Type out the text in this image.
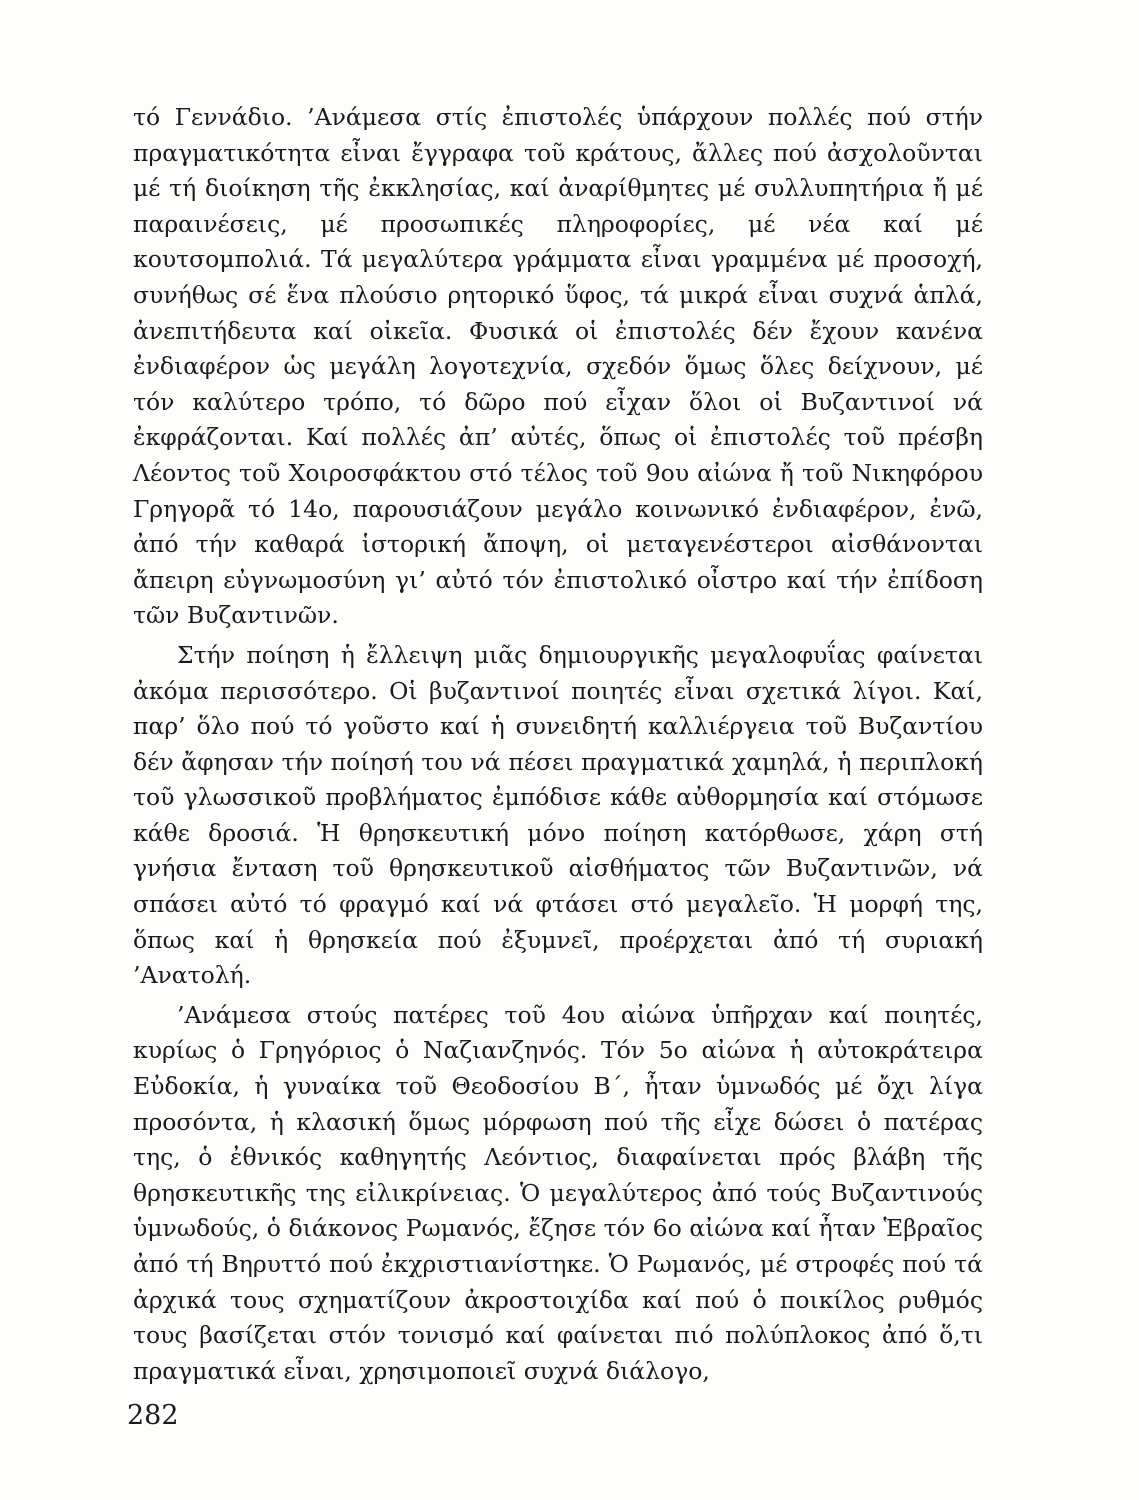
τό Γεννάδιο. ’Ανάμεσα στίς ἐπιστολές ὑπάρχουν πολλές πού στήν πραγματικότητα εἶναι ἔγγραφα τοῦ κράτους, ἄλλες πού ἀσχολοῦνται μέ τή διοίκηση τῆς ἐκκλησίας, καί ἀναρίθμητες μέ συλλυπητήρια ἤ μέ παραινέσεις, μέ προσωπικές πληροφορίες, μέ νέα καί μέ κουτσομπολιά. Τά μεγαλύτερα γράμματα εἶναι γραμμένα μέ προσοχή, συνήθως σέ ἕνα πλούσιο ρητορικό ὕφος, τά μικρά εἶναι συχνά ἁπλά, ἀνεπιτήδευτα καί οἰκεῖα. Φυσικά οἱ ἐπιστολές δέν ἔχουν κανένα ἐνδιαφέρον ὡς μεγάλη λογοτεχνία, σχεδόν ὅμως ὅλες δείχνουν, μέ τόν καλύτερο τρόπο, τό δῶρο πού εἶχαν ὅλοι οἱ Βυζαντινοί νά ἐκφράζονται. Καί πολλές ἀπ’ αὐτές, ὅπως οἱ ἐπιστολές τοῦ πρέσβη Λέοντος τοῦ Χοιροσφάκτου στό τέλος τοῦ 9ου αἰώνα ἤ τοῦ Νικηφόρου Γρηγορᾶ τό 14ο, παρουσιάζουν μεγάλο κοινωνικό ἐνδιαφέρον, ἐνῶ, ἀπό τήν καθαρά ἱστορική ἄποψη, οἱ μεταγενέστεροι αἰσθάνονται ἄπειρη εὐγνωμοσύνη γι’ αὐτό τόν ἐπιστολικό οἶστρο καί τήν ἐπίδοση τῶν Βυζαντινῶν.

Στήν ποίηση ἡ ἔλλειψη μιᾶς δημιουργικῆς μεγαλοφυΐας φαίνεται ἀκόμα περισσότερο. Οἱ βυζαντινοί ποιητές εἶναι σχετικά λίγοι. Καί, παρ’ ὅλο πού τό γοῦστο καί ἡ συνειδητή καλλιέργεια τοῦ Βυζαντίου δέν ἄφησαν τήν ποίησή του νά πέσει πραγματικά χαμηλά, ἡ περιπλοκή τοῦ γλωσσικοῦ προβλήματος ἐμπόδισε κάθε αὐθορμησία καί στόμωσε κάθε δροσιά. Ἡ θρησκευτική μόνο ποίηση κατόρθωσε, χάρη στή γνήσια ἔνταση τοῦ θρησκευτικοῦ αἰσθήματος τῶν Βυζαντινῶν, νά σπάσει αὐτό τό φραγμό καί νά φτάσει στό μεγαλεῖο. Ἡ μορφή της, ὅπως καί ἡ θρησκεία πού ἐξυμνεῖ, προέρχεται ἀπό τή συριακή ’Ανατολή.

’Ανάμεσα στούς πατέρες τοῦ 4ου αἰώνα ὑπῆρχαν καί ποιητές, κυρίως ὁ Γρηγόριος ὁ Ναζιανζηνός. Τόν 5ο αἰώνα ἡ αὐτοκράτειρα Εὐδοκία, ἡ γυναίκα τοῦ Θεοδοσίου Β΄, ἦταν ὑμνωδός μέ ὄχι λίγα προσόντα, ἡ κλασική ὅμως μόρφωση πού τῆς εἶχε δώσει ὁ πατέρας της, ὁ ἐθνικός καθηγητής Λεόντιος, διαφαίνεται πρός βλάβη τῆς θρησκευτικῆς της εἰλικρίνειας. Ὁ μεγαλύτερος ἀπό τούς Βυζαντινούς ὑμνωδούς, ὁ διάκονος Ρωμανός, ἔζησε τόν 6ο αἰώνα καί ἦταν Ἑβραῖος ἀπό τή Βηρυττό πού ἐκχριστιανίστηκε. Ὁ Ρωμανός, μέ στροφές πού τά ἀρχικά τους σχηματίζουν ἀκροστοιχίδα καί πού ὁ ποικίλος ρυθμός τους βασίζεται στόν τονισμό καί φαίνεται πιό πολύπλοκος ἀπό ὅ,τι πραγματικά εἶναι, χρησιμοποιεῖ συχνά διάλογο,

282
